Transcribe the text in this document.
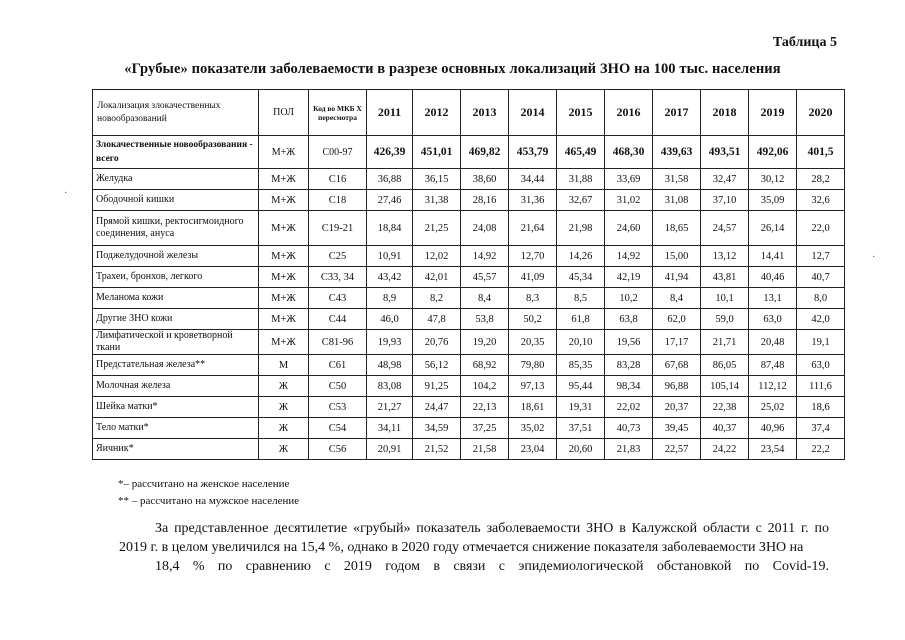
Таблица 5
«Грубые» показатели заболеваемости в разрезе основных локализаций ЗНО на 100 тыс. населения
Локализация злокачественных новообразований	ПОЛ	Код во МКБ X пересмотра	2011	2012	2013	2014	2015	2016	2017	2018	2019	2020
Злокачественные новообразования - всего	М+Ж	С00-97	426,39	451,01	469,82	453,79	465,49	468,30	439,63	493,51	492,06	401,5
Желудка	М+Ж	С16	36,88	36,15	38,60	34,44	31,88	33,69	31,58	32,47	30,12	28,2
Ободочной кишки	М+Ж	С18	27,46	31,38	28,16	31,36	32,67	31,02	31,08	37,10	35,09	32,6
Прямой кишки, ректосигмоидного соединения, ануса	М+Ж	С19-21	18,84	21,25	24,08	21,64	21,98	24,60	18,65	24,57	26,14	22,0
Поджелудочной железы	М+Ж	С25	10,91	12,02	14,92	12,70	14,26	14,92	15,00	13,12	14,41	12,7
Трахеи, бронхов, легкого	М+Ж	С33, 34	43,42	42,01	45,57	41,09	45,34	42,19	41,94	43,81	40,46	40,7
Меланома кожи	М+Ж	С43	8,9	8,2	8,4	8,3	8,5	10,2	8,4	10,1	13,1	8,0
Другие ЗНО кожи	М+Ж	С44	46,0	47,8	53,8	50,2	61,8	63,8	62,0	59,0	63,0	42,0
Лимфатической и кроветворной ткани	М+Ж	С81-96	19,93	20,76	19,20	20,35	20,10	19,56	17,17	21,71	20,48	19,1
Предстательная железа**	М	С61	48,98	56,12	68,92	79,80	85,35	83,28	67,68	86,05	87,48	63,0
Молочная железа	Ж	С50	83,08	91,25	104,2	97,13	95,44	98,34	96,88	105,14	112,12	111,6
Шейка матки*	Ж	С53	21,27	24,47	22,13	18,61	19,31	22,02	20,37	22,38	25,02	18,6
Тело матки*	Ж	С54	34,11	34,59	37,25	35,02	37,51	40,73	39,45	40,37	40,96	37,4
Яичник*	Ж	С56	20,91	21,52	21,58	23,04	20,60	21,83	22,57	24,22	23,54	22,2
*– рассчитано на женское население
** – рассчитано на мужское население
За представленное десятилетие «грубый» показатель заболеваемости ЗНО в Калужской области с 2011 г. по 2019 г. в целом увеличился на 15,4 %, однако в 2020 году отмечается снижение показателя заболеваемости ЗНО на
18,4 % по сравнению с 2019 годом в связи с эпидемиологической обстановкой по Covid-19.
·
·
